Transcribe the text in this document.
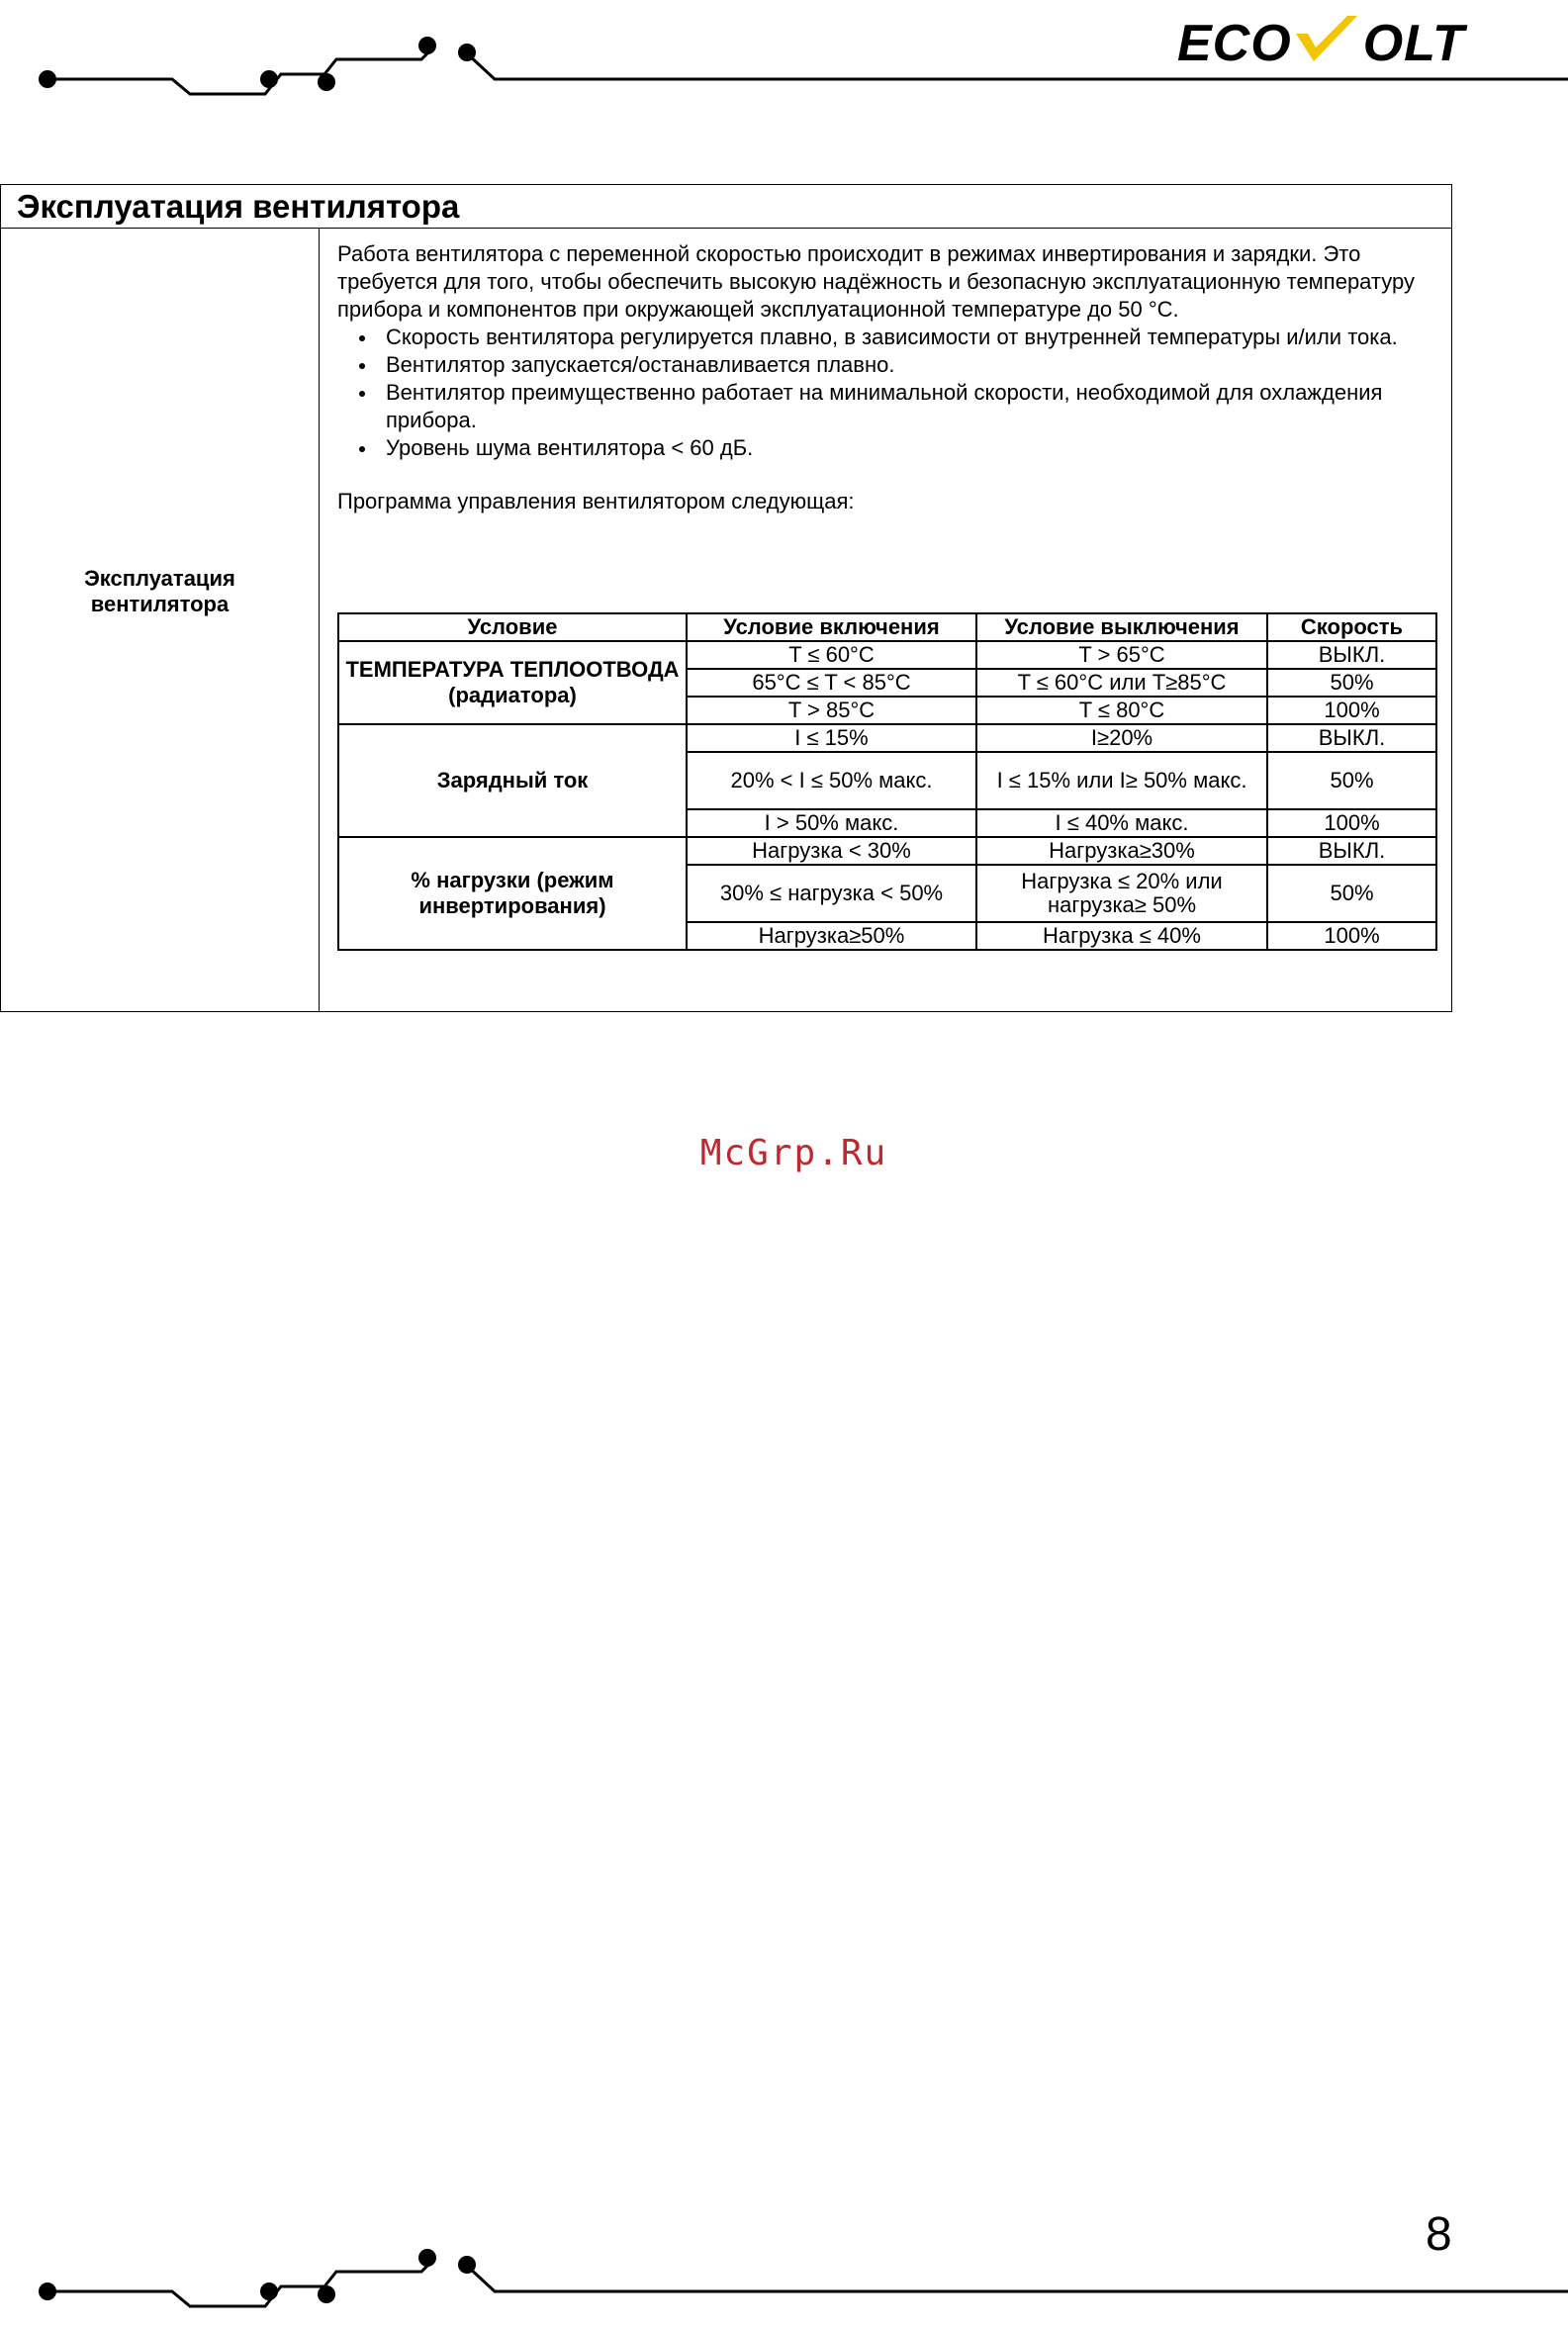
ECO OLT
Эксплуатация вентилятора
Эксплуатация вентилятора

Работа вентилятора с переменной скоростью происходит в режимах инвертирования и зарядки. Это требуется для того, чтобы обеспечить высокую надёжность и безопасную эксплуатационную температуру прибора и компонентов при окружающей эксплуатационной температуре до 50 °C.

Скорость вентилятора регулируется плавно, в зависимости от внутренней температуры и/или тока.
Вентилятор запускается/останавливается плавно.
Вентилятор преимущественно работает на минимальной скорости, необходимой для охлаждения прибора.
Уровень шума вентилятора < 60 дБ.

Программа управления вентилятором следующая:

Условие	Условие включения	Условие выключения	Скорость
ТЕМПЕРАТУРА ТЕПЛООТВОДА (радиатора)	T ≤ 60°C	T > 65°C	ВЫКЛ.
	65°C ≤ T < 85°C	T ≤ 60°C или T≥85°C	50%
	T > 85°C	T ≤ 80°C	100%
Зарядный ток	I ≤ 15%	I≥20%	ВЫКЛ.
	20% < I ≤ 50% макс.	I ≤ 15% или I≥ 50% макс.	50%
	I > 50% макс.	I ≤ 40% макс.	100%
% нагрузки (режим инвертирования)	Нагрузка < 30%	Нагрузка≥30%	ВЫКЛ.
	30% ≤ нагрузка < 50%	Нагрузка ≤ 20% или нагрузка≥ 50%	50%
	Нагрузка≥50%	Нагрузка ≤ 40%	100%
McGrp.Ru
8
